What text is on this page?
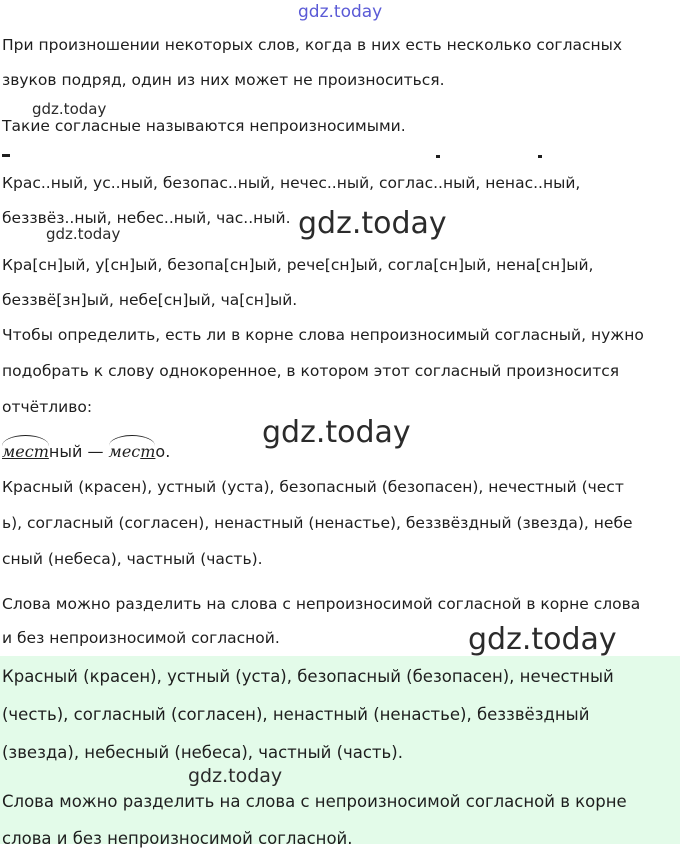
gdz.today
gdz.today
gdz.today	gdz.today
gdz.today
gdz.today
gdz.today
При произношении некоторых слов, когда в них есть несколько согласных
звуков подряд, один из них может не произноситься.
Такие согласные называются непроизносимыми.
Крас..ный, ус..ный, безопас..ный, нечес..ный, соглас..ный, ненас..ный,
беззвёз..ный, небес..ный, час..ный.
Кра[сн]ый, у[сн]ый, безопа[сн]ый, рече[сн]ый, согла[сн]ый, нена[сн]ый,
беззвё[зн]ый, небе[сн]ый, ча[сн]ый.
Чтобы определить, есть ли в корне слова непроизносимый согласный, нужно
подобрать к слову однокоренное, в котором этот согласный произносится
отчётливо:
местный — место.
Красный (красен), устный (уста), безопасный (безопасен), нечестный (чест
ь), согласный (согласен), ненастный (ненастье), беззвёздный (звезда), небе
сный (небеса), частный (часть).
Слова можно разделить на слова с непроизносимой согласной в корне слова
и без непроизносимой согласной.
Красный (красен), устный (уста), безопасный (безопасен), нечестный
(честь), согласный (согласен), ненастный (ненастье), беззвёздный
(звезда), небесный (небеса), частный (часть).
Слова можно разделить на слова с непроизносимой согласной в корне
слова и без непроизносимой согласной.
